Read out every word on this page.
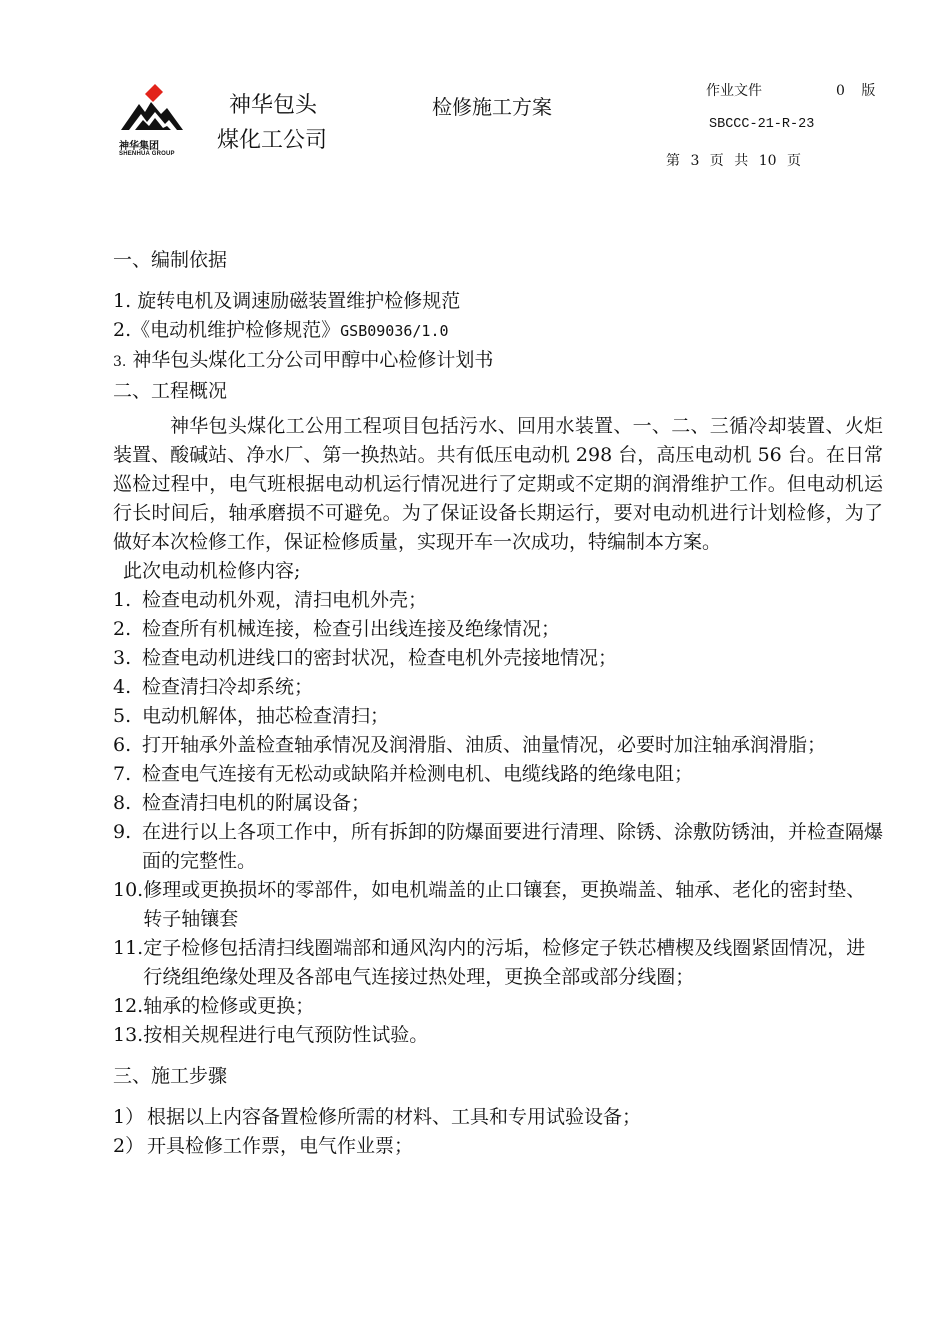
神华集团
SHENHUA GROUP
神华包头
煤化工公司
检修施工方案
作业文件	0 版
SBCCC-21-R-23
第 3 页 共 10 页

一、编制依据

1. 旋转电机及调速励磁装置维护检修规范

2.《电动机维护检修规范》GSB09036/1.0

3. 神华包头煤化工分公司甲醇中心检修计划书

二、工程概况

神华包头煤化工公用工程项目包括污水、回用水装置、一、二、三循冷却装置、火炬装置、酸碱站、净水厂、第一换热站。共有低压电动机 298 台，高压电动机 56 台。在日常巡检过程中，电气班根据电动机运行情况进行了定期或不定期的润滑维护工作。但电动机运行长时间后，轴承磨损不可避免。为了保证设备长期运行，要对电动机进行计划检修，为了做好本次检修工作，保证检修质量，实现开车一次成功，特编制本方案。

此次电动机检修内容;

1. 检查电动机外观，清扫电机外壳；
2. 检查所有机械连接，检查引出线连接及绝缘情况；
3. 检查电动机进线口的密封状况，检查电机外壳接地情况；
4. 检查清扫冷却系统；
5. 电动机解体，抽芯检查清扫；
6. 打开轴承外盖检查轴承情况及润滑脂、油质、油量情况，必要时加注轴承润滑脂；
7. 检查电气连接有无松动或缺陷并检测电机、电缆线路的绝缘电阻；
8. 检查清扫电机的附属设备；
9. 在进行以上各项工作中，所有拆卸的防爆面要进行清理、除锈、涂敷防锈油，并检查隔爆面的完整性。
10. 修理或更换损坏的零部件，如电机端盖的止口镶套，更换端盖、轴承、老化的密封垫、转子轴镶套
11. 定子检修包括清扫线圈端部和通风沟内的污垢，检修定子铁芯槽楔及线圈紧固情况，进行绕组绝缘处理及各部电气连接过热处理，更换全部或部分线圈；
12. 轴承的检修或更换；
13. 按相关规程进行电气预防性试验。

三、施工步骤

1） 根据以上内容备置检修所需的材料、工具和专用试验设备；
2） 开具检修工作票，电气作业票；
